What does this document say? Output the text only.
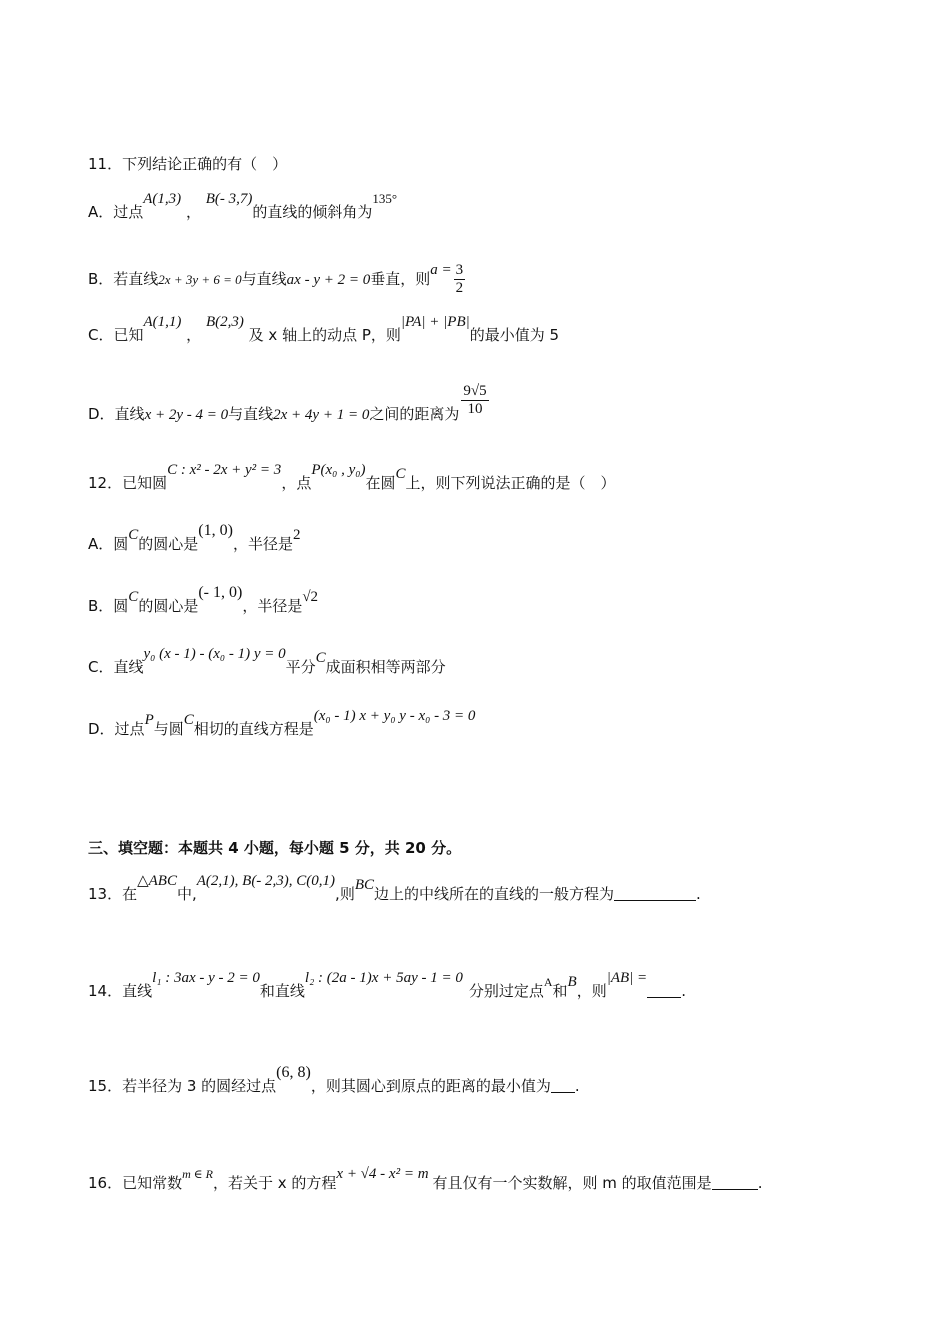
11．下列结论正确的有（　）
A．过点A(1,3) ， B(- 3,7)的直线的倾斜角为135°
B．若直线2x + 3y + 6 = 0与直线ax - y + 2 = 0垂直，则$a = \frac{3}{2}$
C．已知A(1,1) ， B(2,3) 及 x 轴上的动点 P，则|PA| + |PB|的最小值为 5
D．直线x + 2y - 4 = 0与直线2x + 4y + 1 = 0之间的距离为 $\frac{9√5}{10}$
12．已知圆C : x² - 2x + y² = 3，点P(x₀ , y₀)在圆C上，则下列说法正确的是（　）
A．圆C的圆心是(1, 0)，半径是2
B．圆C的圆心是(- 1, 0)，半径是√2
C．直线y₀ (x - 1) - (x₀ - 1) y = 0平分C成面积相等两部分
D．过点P与圆C相切的直线方程是(x₀ - 1) x + y₀ y - x₀ - 3 = 0
三、填空题：本题共 4 小题，每小题 5 分，共 20 分。
13．在△ABC中,A(2,1), B(- 2,3), C(0,1),则BC边上的中线所在的直线的一般方程为	.
14．直线l₁ : 3ax - y - 2 = 0和直线l₂ : (2a - 1)x + 5ay - 1 = 0分别过定点$^A$和B，则|AB| =.
15．若半径为 3 的圆经过点(6, 8)，则其圆心到原点的距离的最小值为 .
16．已知常数$^{m \in R}$，若关于 x 的方程x + √4 - x² = m 有且仅有一个实数解，则 m 的取值范围是	.
